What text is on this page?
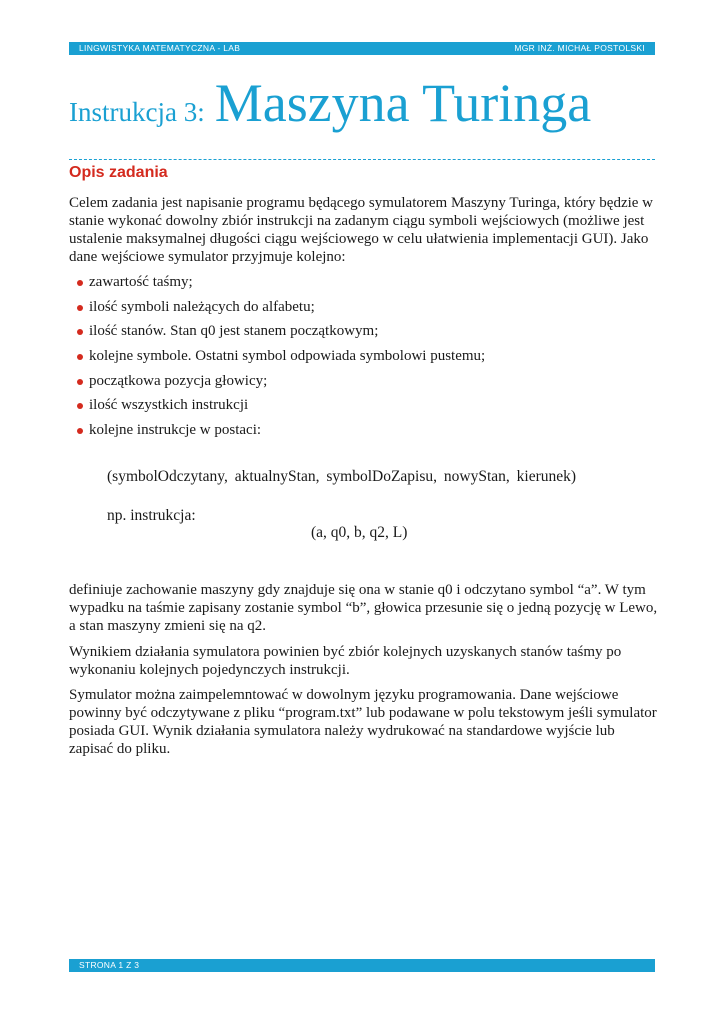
LINGWISTYKA MATEMATYCZNA - LAB	MGR INŻ. MICHAŁ POSTOLSKI
Instrukcja 3: Maszyna Turinga
Opis zadania

Celem zadania jest napisanie programu będącego symulatorem Maszyny Turinga, który będzie w stanie wykonać dowolny zbiór instrukcji na zadanym ciągu symboli wejściowych (możliwe jest ustalenie maksymalnej długości ciągu wejściowego w celu ułatwienia implementacji GUI). Jako dane wejściowe symulator przyjmuje kolejno:

zawartość taśmy;
ilość symboli należących do alfabetu;
ilość stanów. Stan q0 jest stanem początkowym;
kolejne symbole. Ostatni symbol odpowiada symbolowi pustemu;
początkowa pozycja głowicy;
ilość wszystkich instrukcji
kolejne instrukcje w postaci:
(symbolOdczytany, aktualnyStan, symbolDoZapisu, nowyStan, kierunek)
np. instrukcja:
(a, q0, b, q2, L)

definiuje zachowanie maszyny gdy znajduje się ona w stanie q0 i odczytano symbol “a”. W tym wypadku na taśmie zapisany zostanie symbol “b”, głowica przesunie się o jedną pozycję w Lewo, a stan maszyny zmieni się na q2.

Wynikiem działania symulatora powinien być zbiór kolejnych uzyskanych stanów taśmy po wykonaniu kolejnych pojedynczych instrukcji.

Symulator można zaimpelemntować w dowolnym języku programowania. Dane wejściowe powinny być odczytywane z pliku “program.txt” lub podawane w polu tekstowym jeśli symulator posiada GUI. Wynik działania symulatora należy wydrukować na standardowe wyjście lub zapisać do pliku.

STRONA 1 Z 3
